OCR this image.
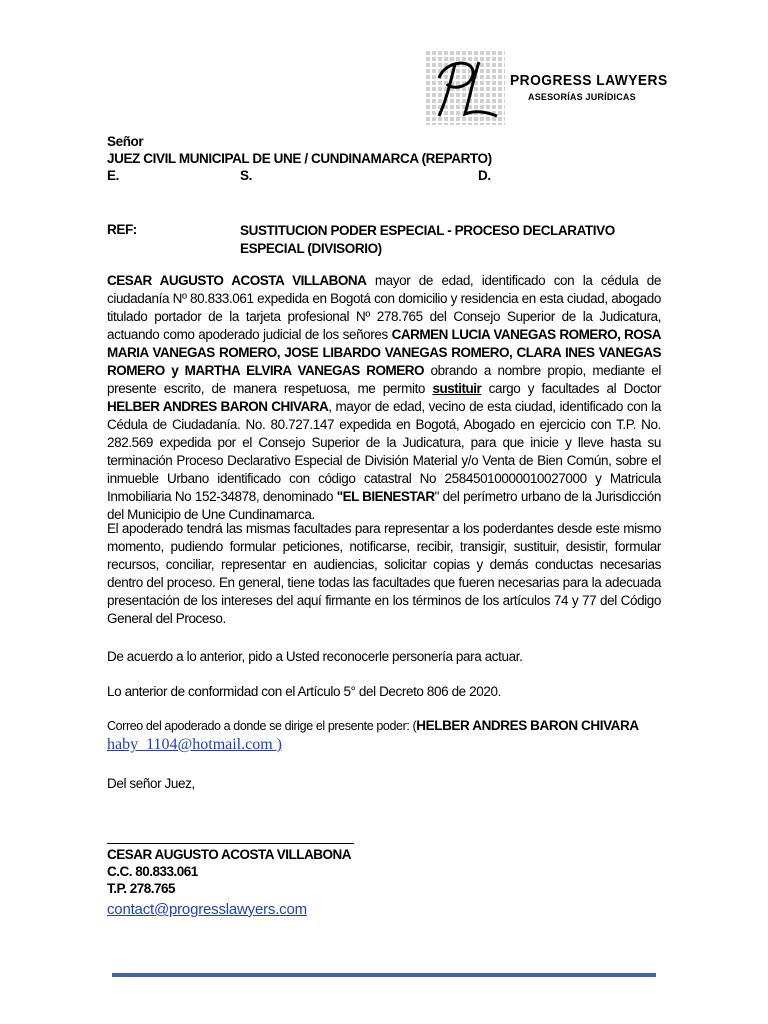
PROGRESS LAWYERS
ASESORÍAS JURÍDICAS
Señor
JUEZ CIVIL MUNICIPAL DE UNE / CUNDINAMARCA (REPARTO)
E.	S.	D.
REF:	SUSTITUCION PODER ESPECIAL - PROCESO DECLARATIVO ESPECIAL (DIVISORIO)
CESAR AUGUSTO ACOSTA VILLABONA mayor de edad, identificado con la cédula de ciudadanía Nº 80.833.061 expedida en Bogotá con domicilio y residencia en esta ciudad, abogado titulado portador de la tarjeta profesional Nº 278.765 del Consejo Superior de la Judicatura, actuando como apoderado judicial de los señores CARMEN LUCIA VANEGAS ROMERO, ROSA MARIA VANEGAS ROMERO, JOSE LIBARDO VANEGAS ROMERO, CLARA INES VANEGAS ROMERO y MARTHA ELVIRA VANEGAS ROMERO obrando a nombre propio, mediante el presente escrito, de manera respetuosa, me permito sustituir cargo y facultades al Doctor HELBER ANDRES BARON CHIVARA, mayor de edad, vecino de esta ciudad, identificado con la Cédula de Ciudadanía. No. 80.727.147 expedida en Bogotá, Abogado en ejercicio con T.P. No. 282.569 expedida por el Consejo Superior de la Judicatura, para que inicie y lleve hasta su terminación Proceso Declarativo Especial de División Material y/o Venta de Bien Común, sobre el inmueble Urbano identificado con código catastral No 25845010000010027000 y Matricula Inmobiliaria No 152-34878, denominado "EL BIENESTAR" del perímetro urbano de la Jurisdicción del Municipio de Une Cundinamarca.
El apoderado tendrá las mismas facultades para representar a los poderdantes desde este mismo momento, pudiendo formular peticiones, notificarse, recibir, transigir, sustituir, desistir, formular recursos, conciliar, representar en audiencias, solicitar copias y demás conductas necesarias dentro del proceso. En general, tiene todas las facultades que fueren necesarias para la adecuada presentación de los intereses del aquí firmante en los términos de los artículos 74 y 77 del Código General del Proceso.
De acuerdo a lo anterior, pido a Usted reconocerle personería para actuar.
Lo anterior de conformidad con el Artículo 5° del Decreto 806 de 2020.
Correo del apoderado a donde se dirige el presente poder: (HELBER ANDRES BARON CHIVARA
haby_1104@hotmail.com )
Del señor Juez,
CESAR AUGUSTO ACOSTA VILLABONA
C.C. 80.833.061
T.P. 278.765
contact@progresslawyers.com
